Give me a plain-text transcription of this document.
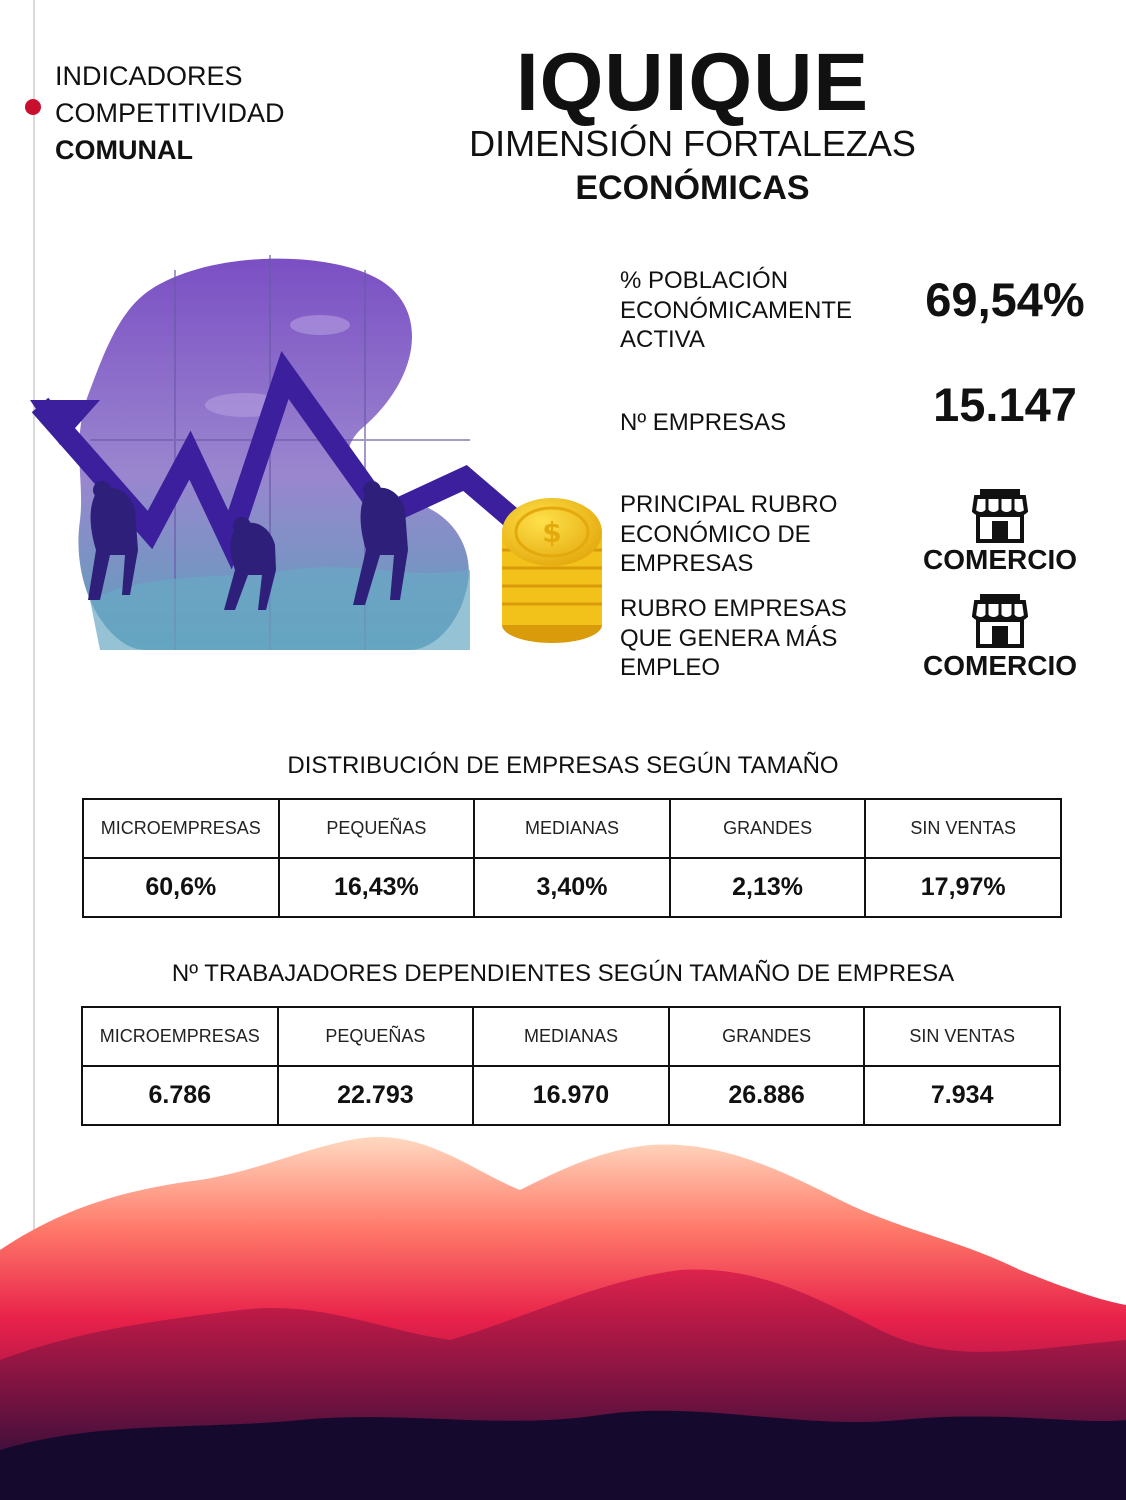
INDICADORES
COMPETITIVIDAD
COMUNAL
IQUIQUE
DIMENSIÓN FORTALEZAS
ECONÓMICAS
$
% POBLACIÓN
ECONÓMICAMENTE
ACTIVA
69,54%
Nº EMPRESAS	15.147
PRINCIPAL RUBRO
ECONÓMICO DE
EMPRESAS	COMERCIO
RUBRO EMPRESAS
QUE GENERA MÁS
EMPLEO	COMERCIO
DISTRIBUCIÓN DE EMPRESAS SEGÚN TAMAÑO
MICROEMPRESAS	PEQUEÑAS	MEDIANAS	GRANDES	SIN VENTAS
60,6%	16,43%	3,40%	2,13%	17,97%
Nº TRABAJADORES DEPENDIENTES SEGÚN TAMAÑO DE EMPRESA
MICROEMPRESAS	PEQUEÑAS	MEDIANAS	GRANDES	SIN VENTAS
6.786	22.793	16.970	26.886	7.934
